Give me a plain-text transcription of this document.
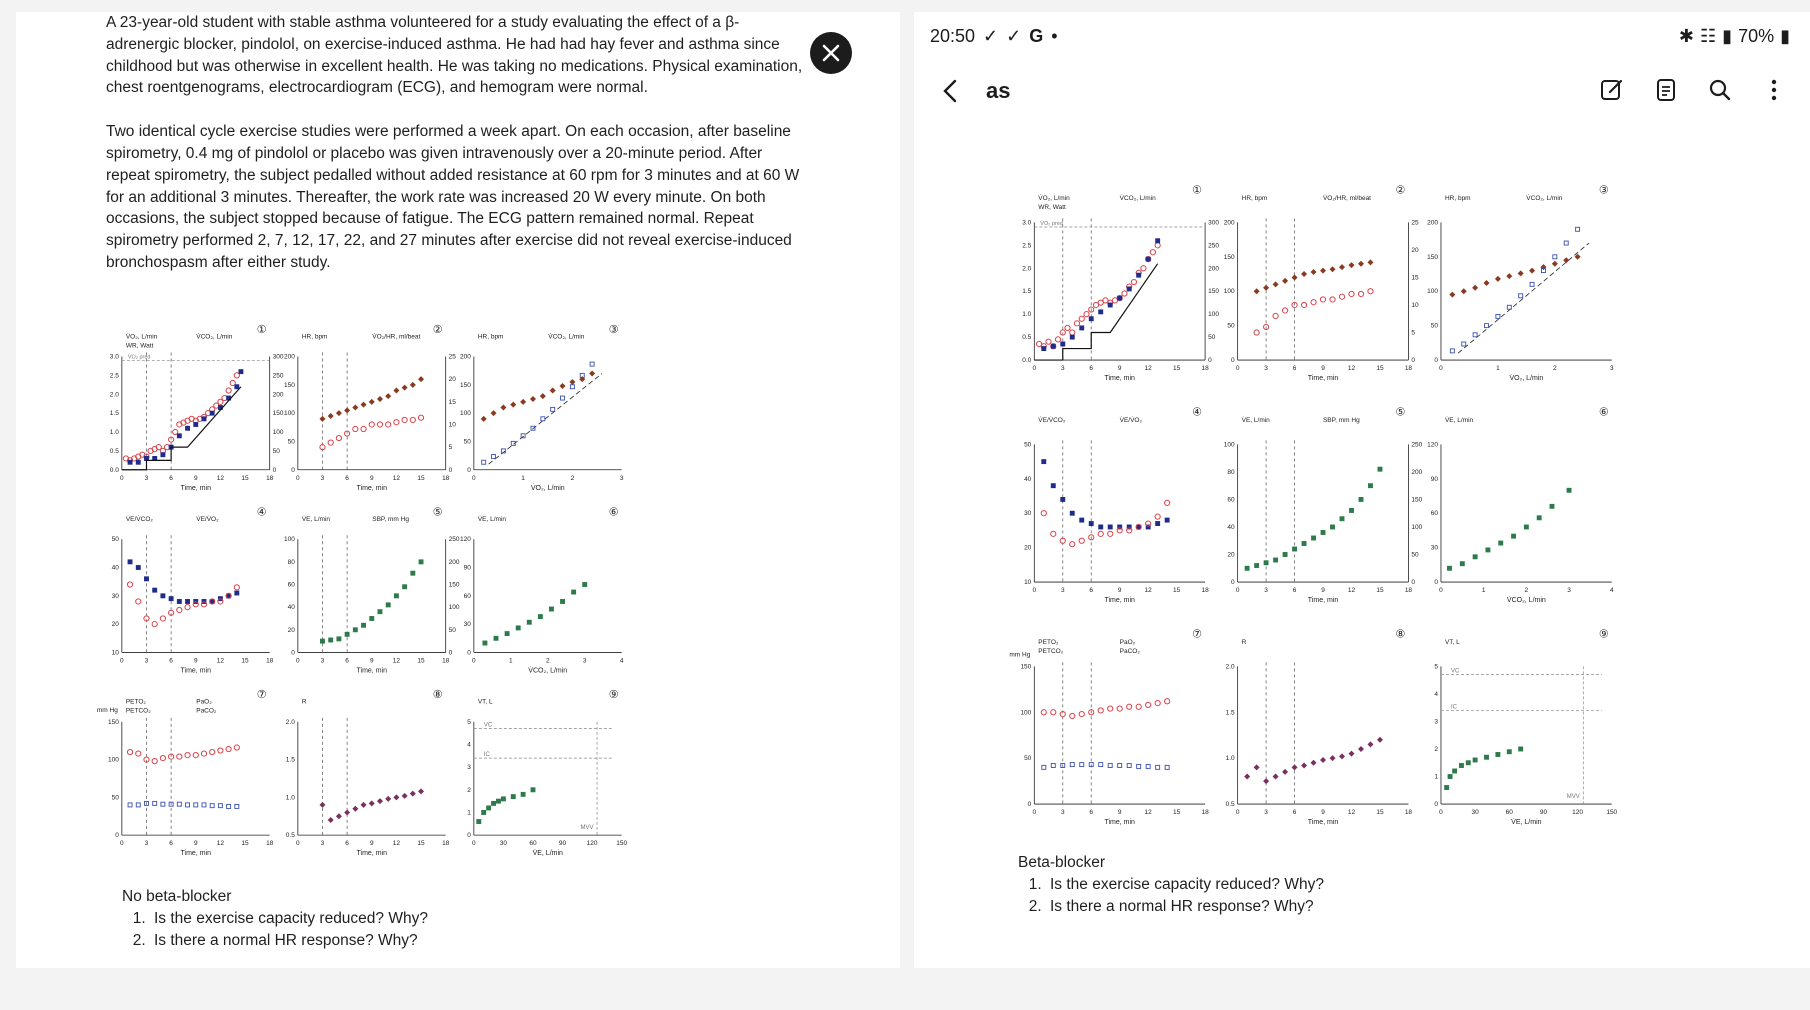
A 23-year-old student with stable asthma volunteered for a study evaluating the effect of a β-adrenergic blocker, pindolol, on exercise-induced asthma. He had had hay fever and asthma since childhood but was otherwise in excellent health. He was taking no medications. Physical examination, chest roentgenograms, electrocardiogram (ECG), and hemogram were normal.

Two identical cycle exercise studies were performed a week apart. On each occasion, after baseline spirometry, 0.4 mg of pindolol or placebo was given intravenously over a 20-minute period. After repeat spirometry, the subject pedalled without added resistance at 60 rpm for 3 minutes and at 60 W for an additional 3 minutes. Thereafter, the work rate was increased 20 W every minute. On both occasions, the subject stopped because of fatigue. The ECG pattern remained normal. Repeat spirometry performed 2, 7, 12, 17, 22, and 27 minutes after exercise did not reveal exercise-induced bronchospasm after either study.

0	3	6	9	12	15	18
0.0
0.5
1.0
1.5
2.0
2.5
3.0
0
50
100
150
200
250
300
Time, min
①
V̇O₂, L/min	V̇CO₂, L/min
WR, Watt
V̇O₂ pred
0	3	6	9	12	15	18
0
50
100
150
200
0
5
10
15
20
25
Time, min
②
HR, bpm	V̇O₂/HR, ml/beat
0	1	2	3
0
50
100
150
200
V̇O₂, L/min
③
HR, bpm	V̇CO₂, L/min
0	3	6	9	12	15	18
10
20
30
40
50
Time, min
④
V̇E/V̇CO₂	V̇E/V̇O₂
0	3	6	9	12	15	18
0
20
40
60
80
100
0
50
100
150
200
250
Time, min
⑤
V̇E, L/min	SBP, mm Hg
0	1	2	3	4
0
30
60
90
120
V̇CO₂, L/min
⑥
V̇E, L/min
0	3	6	9	12	15	18
0
50
100
150
Time, min
⑦
PETO₂	PaO₂
PETCO₂	PaCO₂
mm Hg
0	3	6	9	12	15	18
0.5
1.0
1.5
2.0
Time, min
⑧
R
0	30	60	90	120	150
0
1
2
3
4
5
V̇E, L/min
⑨
VT, L
VC
IC
MVV
No beta-blocker
1. Is the exercise capacity reduced? Why?
2. Is there a normal HR response? Why?
20:50 ✓ ✓ G •	✱ ☷ ▮ 70% ▮
as
0	3	6	9	12	15	18
0.0
0.5
1.0
1.5
2.0
2.5
3.0
0
50
100
150
200
250
300
Time, min
①
V̇O₂, L/min	V̇CO₂, L/min
WR, Watt
V̇O₂ pred
0	3	6	9	12	15	18
0
50
100
150
200
0
5
10
15
20
25
Time, min
②
HR, bpm	V̇O₂/HR, ml/beat
0	1	2	3
0
50
100
150
200
V̇O₂, L/min
③
HR, bpm	V̇CO₂, L/min
0	3	6	9	12	15	18
10
20
30
40
50
Time, min
④
V̇E/V̇CO₂	V̇E/V̇O₂
0	3	6	9	12	15	18
0
20
40
60
80
100
0
50
100
150
200
250
Time, min
⑤
V̇E, L/min	SBP, mm Hg
0	1	2	3	4
0
30
60
90
120
V̇CO₂, L/min
⑥
V̇E, L/min
0	3	6	9	12	15	18
0
50
100
150
Time, min
⑦
PETO₂	PaO₂
PETCO₂	PaCO₂
mm Hg
0	3	6	9	12	15	18
0.5
1.0
1.5
2.0
Time, min
⑧
R
0	30	60	90	120	150
0
1
2
3
4
5
V̇E, L/min
⑨
VT, L
VC
IC
MVV
Beta-blocker
1. Is the exercise capacity reduced? Why?
2. Is there a normal HR response? Why?
